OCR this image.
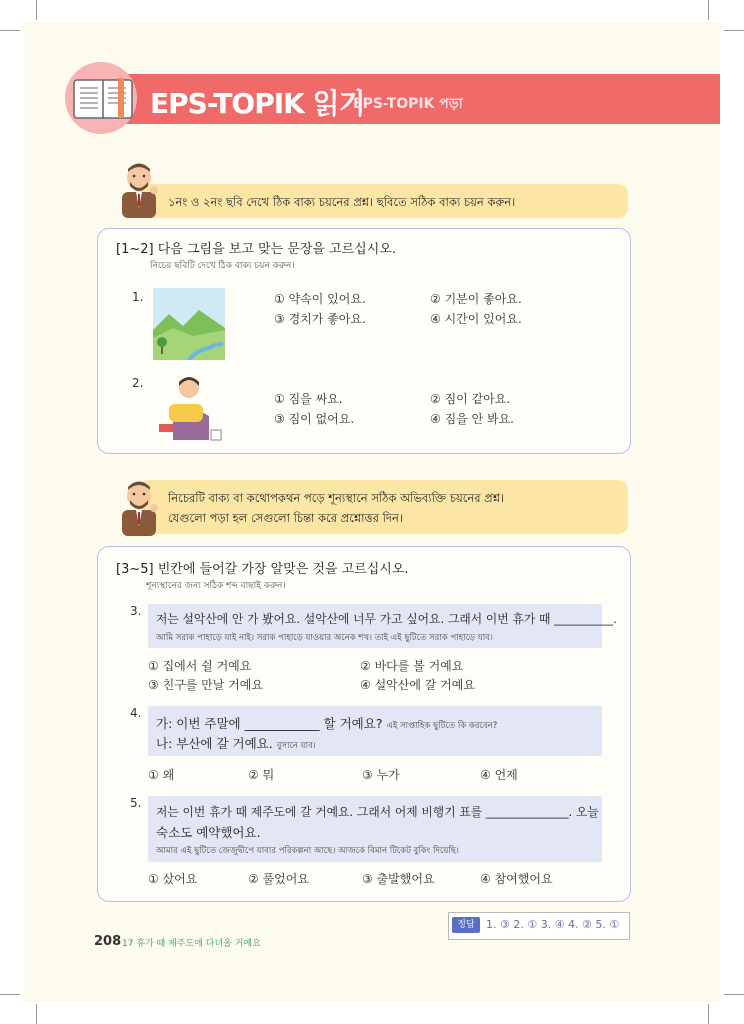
EPS-TOPIK 읽기
EPS-TOPIK পড়া
১নং ও ২নং ছবি দেখে ঠিক বাক্য চয়নের প্রশ্ন। ছবিতে সঠিক বাক্য চয়ন করুন।
[1~2] 다음 그림을 보고 맞는 문장을 고르십시오.
নিচের ছবিটি দেখে ঠিক বাক্য চয়ন করুন।
1.	① 약속이 있어요.	② 기분이 좋아요.
③ 경치가 좋아요.	④ 시간이 있어요.
2.
① 짐을 싸요.	② 짐이 같아요.
③ 짐이 없어요.	④ 짐을 안 봐요.
নিচেরটি বাক্য বা কথোপকথন পড়ে শূন্যস্থানে সঠিক অভিব্যক্তি চয়নের প্রশ্ন।
যেগুলো পড়া হল সেগুলো চিন্তা করে প্রশ্নোত্তর দিন।
[3~5] 빈칸에 들어갈 가장 알맞은 것을 고르십시오.
শূন্যস্থানের জন্য সঠিক শব্দ বাছাই করুন।
3.
저는 설악산에 안 가 봤어요. 설악산에 너무 가고 싶어요. 그래서 이번 휴가 때 __________.
আমি সরাক পাহাড়ে যাই নাই। সরাক পাহাড়ে যাওয়ার অনেক শখ। তাই এই ছুটিতে সরাক পাহাড়ে যাব।
① 집에서 쉴 거예요	② 바다를 볼 거예요
③ 친구를 만날 거예요	④ 설악산에 갈 거예요
4.
가: 이번 주말에 ____________ 할 거예요? এই সাপ্তাহিক ছুটিতে কি করবেন?
나: 부산에 갈 거예요. বুসানে যাব।
① 왜	② 뭐	③ 누가	④ 언제
5.
저는 이번 휴가 때 제주도에 갈 거예요. 그래서 어제 비행기 표를 ______________. 오늘
숙소도 예약했어요.
আমার এই ছুটিতে জেজুদ্বীপে যাবার পরিকল্পনা আছে। আজকে বিমান টিকেট বুকিং দিয়েছি।
① 샀어요	② 풀었어요	③ 출발했어요	④ 참여했어요
정답	1. ③ 2. ① 3. ④ 4. ② 5. ①
208 17 휴가 때 제주도에 다녀올 거예요
